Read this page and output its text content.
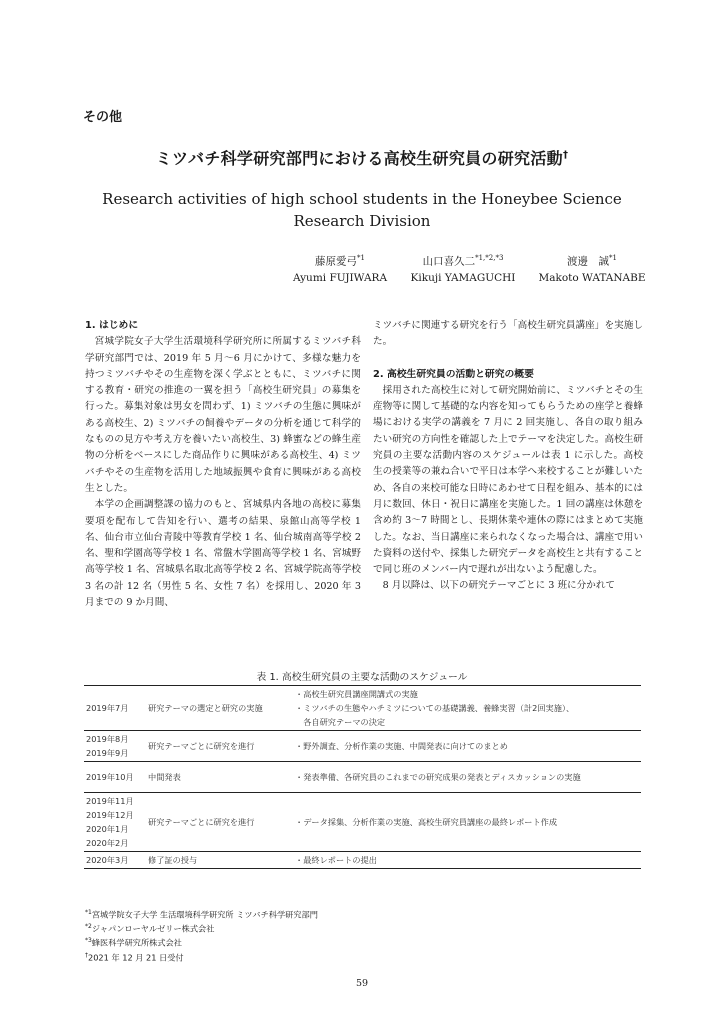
その他
ミツバチ科学研究部門における高校生研究員の研究活動†
Research activities of high school students in the Honeybee Science Research Division
藤原愛弓$^{*1}$
Ayumi FUJIWARA
山口喜久二$^{*1,*2,*3}$
Kikuji YAMAGUCHI
渡邊　誠$^{*1}$
Makoto WATANABE

1. はじめに

宮城学院女子大学生活環境科学研究所に所属するミツバチ科学研究部門では、2019 年 5 月～6 月にかけて、多様な魅力を持つミツバチやその生産物を深く学ぶとともに、ミツバチに関する教育・研究の推進の一翼を担う「高校生研究員」の募集を行った。募集対象は男女を問わず、1) ミツバチの生態に興味がある高校生、2) ミツバチの飼養やデータの分析を通じて科学的なものの見方や考え方を養いたい高校生、3) 蜂蜜などの蜂生産物の分析をベースにした商品作りに興味がある高校生、4) ミツバチやその生産物を活用した地域振興や食育に興味がある高校生とした。

本学の企画調整課の協力のもと、宮城県内各地の高校に募集要項を配布して告知を行い、選考の結果、泉館山高等学校 1 名、仙台市立仙台青陵中等教育学校 1 名、仙台城南高等学校 2 名、聖和学園高等学校 1 名、常盤木学園高等学校 1 名、宮城野高等学校 1 名、宮城県名取北高等学校 2 名、宮城学院高等学校 3 名の計 12 名（男性 5 名、女性 7 名）を採用し、2020 年 3 月までの 9 か月間、

ミツバチに関連する研究を行う「高校生研究員講座」を実施した。

2. 高校生研究員の活動と研究の概要

採用された高校生に対して研究開始前に、ミツバチとその生産物等に関して基礎的な内容を知ってもらうための座学と養蜂場における実学の講義を 7 月に 2 回実施し、各自の取り組みたい研究の方向性を確認した上でテーマを決定した。高校生研究員の主要な活動内容のスケジュールは表 1 に示した。高校生の授業等の兼ね合いで平日は本学へ来校することが難しいため、各自の来校可能な日時にあわせて日程を組み、基本的には月に数回、休日・祝日に講座を実施した。1 回の講座は休憩を含め約 3～7 時間とし、長期休業や連休の際にはまとめて実施した。なお、当日講座に来られなくなった場合は、講座で用いた資料の送付や、採集した研究データを高校生と共有することで同じ班のメンバー内で遅れが出ないよう配慮した。

8 月以降は、以下の研究テーマごとに 3 班に分かれて

表 1. 高校生研究員の主要な活動のスケジュール
2019年7月	研究テーマの選定と研究の実施	・高校生研究員講座開講式の実施
・ミツバチの生態やハチミツについての基礎講義、養蜂実習（計2回実施）、
　各自研究テーマの決定

2019年8月
2019年9月	研究テーマごとに研究を進行	・野外調査、分析作業の実施、中間発表に向けてのまとめ

2019年10月	中間発表	・発表準備、各研究員のこれまでの研究成果の発表とディスカッションの実施

2019年11月
2019年12月
2020年1月
2020年2月	研究テーマごとに研究を進行	・データ採集、分析作業の実施、高校生研究員講座の最終レポート作成

2020年3月	修了証の授与	・最終レポートの提出
$^{*1}$宮城学院女子大学 生活環境科学研究所 ミツバチ科学研究部門
$^{*2}$ジャパンローヤルゼリー株式会社
$^{*3}$蜂医科学研究所株式会社
†2021 年 12 月 21 日受付
59
